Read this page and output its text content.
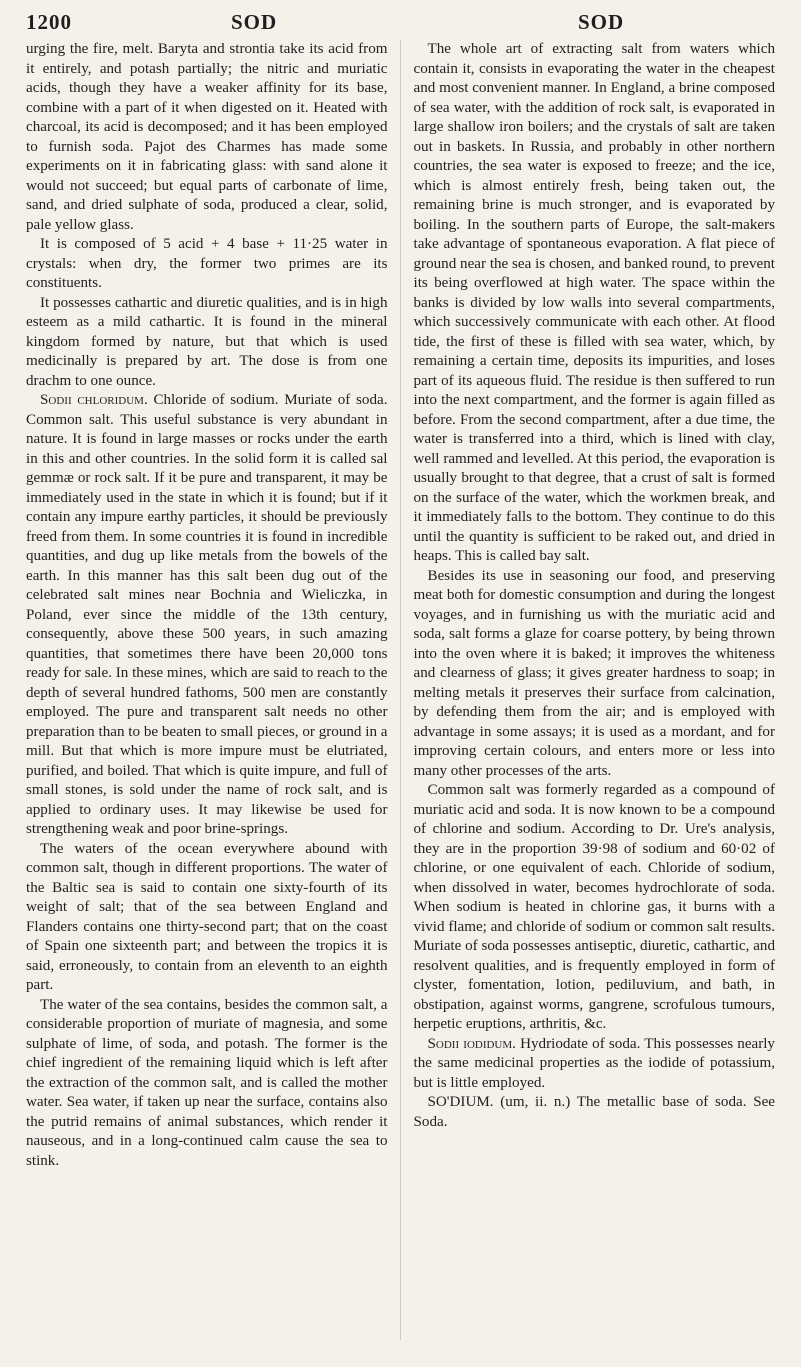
1200	SOD	SOD

urging the fire, melt. Baryta and strontia take its acid from it entirely, and potash partially; the nitric and muriatic acids, though they have a weaker affinity for its base, combine with a part of it when digested on it. Heated with charcoal, its acid is decomposed; and it has been employed to furnish soda. Pajot des Charmes has made some experiments on it in fabricating glass: with sand alone it would not succeed; but equal parts of carbonate of lime, sand, and dried sulphate of soda, produced a clear, solid, pale yellow glass.

It is composed of 5 acid + 4 base + 11·25 water in crystals: when dry, the former two primes are its constituents.

It possesses cathartic and diuretic qualities, and is in high esteem as a mild cathartic. It is found in the mineral kingdom formed by nature, but that which is used medicinally is prepared by art. The dose is from one drachm to one ounce.

Sodii chloridum. Chloride of sodium. Muriate of soda. Common salt. This useful substance is very abundant in nature. It is found in large masses or rocks under the earth in this and other countries. In the solid form it is called sal gemmæ or rock salt. If it be pure and transparent, it may be immediately used in the state in which it is found; but if it contain any impure earthy particles, it should be previously freed from them. In some countries it is found in incredible quantities, and dug up like metals from the bowels of the earth. In this manner has this salt been dug out of the celebrated salt mines near Bochnia and Wieliczka, in Poland, ever since the middle of the 13th century, consequently, above these 500 years, in such amazing quantities, that sometimes there have been 20,000 tons ready for sale. In these mines, which are said to reach to the depth of several hundred fathoms, 500 men are constantly employed. The pure and transparent salt needs no other preparation than to be beaten to small pieces, or ground in a mill. But that which is more impure must be elutriated, purified, and boiled. That which is quite impure, and full of small stones, is sold under the name of rock salt, and is applied to ordinary uses. It may likewise be used for strengthening weak and poor brine-springs.

The waters of the ocean everywhere abound with common salt, though in different proportions. The water of the Baltic sea is said to contain one sixty-fourth of its weight of salt; that of the sea between England and Flanders contains one thirty-second part; that on the coast of Spain one sixteenth part; and between the tropics it is said, erroneously, to contain from an eleventh to an eighth part.

The water of the sea contains, besides the common salt, a considerable proportion of muriate of magnesia, and some sulphate of lime, of soda, and potash. The former is the chief ingredient of the remaining liquid which is left after the extraction of the common salt, and is called the mother water. Sea water, if taken up near the surface, contains also the putrid remains of animal substances, which render it nauseous, and in a long-continued calm cause the sea to stink.

The whole art of extracting salt from waters which contain it, consists in evaporating the water in the cheapest and most convenient manner. In England, a brine composed of sea water, with the addition of rock salt, is evaporated in large shallow iron boilers; and the crystals of salt are taken out in baskets. In Russia, and probably in other northern countries, the sea water is exposed to freeze; and the ice, which is almost entirely fresh, being taken out, the remaining brine is much stronger, and is evaporated by boiling. In the southern parts of Europe, the salt-makers take advantage of spontaneous evaporation. A flat piece of ground near the sea is chosen, and banked round, to prevent its being overflowed at high water. The space within the banks is divided by low walls into several compartments, which successively communicate with each other. At flood tide, the first of these is filled with sea water, which, by remaining a certain time, deposits its impurities, and loses part of its aqueous fluid. The residue is then suffered to run into the next compartment, and the former is again filled as before. From the second compartment, after a due time, the water is transferred into a third, which is lined with clay, well rammed and levelled. At this period, the evaporation is usually brought to that degree, that a crust of salt is formed on the surface of the water, which the workmen break, and it immediately falls to the bottom. They continue to do this until the quantity is sufficient to be raked out, and dried in heaps. This is called bay salt.

Besides its use in seasoning our food, and preserving meat both for domestic consumption and during the longest voyages, and in furnishing us with the muriatic acid and soda, salt forms a glaze for coarse pottery, by being thrown into the oven where it is baked; it improves the whiteness and clearness of glass; it gives greater hardness to soap; in melting metals it preserves their surface from calcination, by defending them from the air; and is employed with advantage in some assays; it is used as a mordant, and for improving certain colours, and enters more or less into many other processes of the arts.

Common salt was formerly regarded as a compound of muriatic acid and soda. It is now known to be a compound of chlorine and sodium. According to Dr. Ure's analysis, they are in the proportion 39·98 of sodium and 60·02 of chlorine, or one equivalent of each. Chloride of sodium, when dissolved in water, becomes hydrochlorate of soda. When sodium is heated in chlorine gas, it burns with a vivid flame; and chloride of sodium or common salt results. Muriate of soda possesses antiseptic, diuretic, cathartic, and resolvent qualities, and is frequently employed in form of clyster, fomentation, lotion, pediluvium, and bath, in obstipation, against worms, gangrene, scrofulous tumours, herpetic eruptions, arthritis, &c.

Sodii iodidum. Hydriodate of soda. This possesses nearly the same medicinal properties as the iodide of potassium, but is little employed.

SO'DIUM. (um, ii. n.) The metallic base of soda. See Soda.
